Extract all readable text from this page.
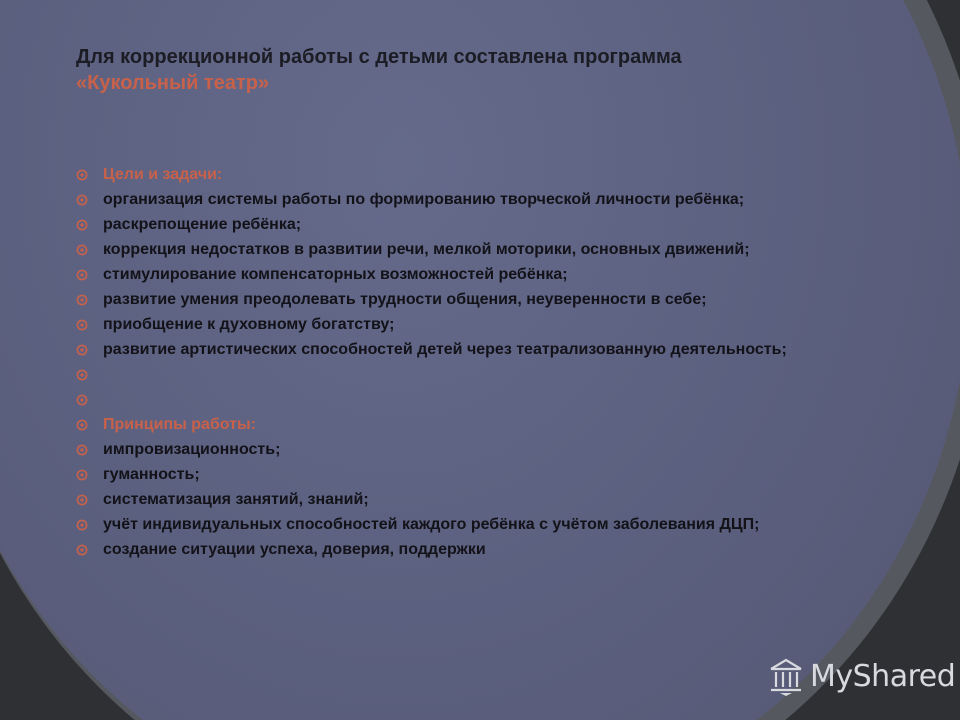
Для коррекционной работы с детьми составлена программа
«Кукольный театр»
Цели и задачи:
организация системы работы по формированию творческой личности ребёнка;
раскрепощение ребёнка;
коррекция недостатков в развитии речи, мелкой моторики, основных движений;
стимулирование компенсаторных возможностей ребёнка;
развитие умения преодолевать трудности общения, неуверенности в себе;
приобщение к духовному богатству;
развитие артистических способностей детей через театрализованную деятельность;
Принципы работы:
импровизационность;
гуманность;
систематизация занятий, знаний;
учёт индивидуальных способностей каждого ребёнка с учётом заболевания ДЦП;
создание ситуации успеха, доверия, поддержки
MyShared
